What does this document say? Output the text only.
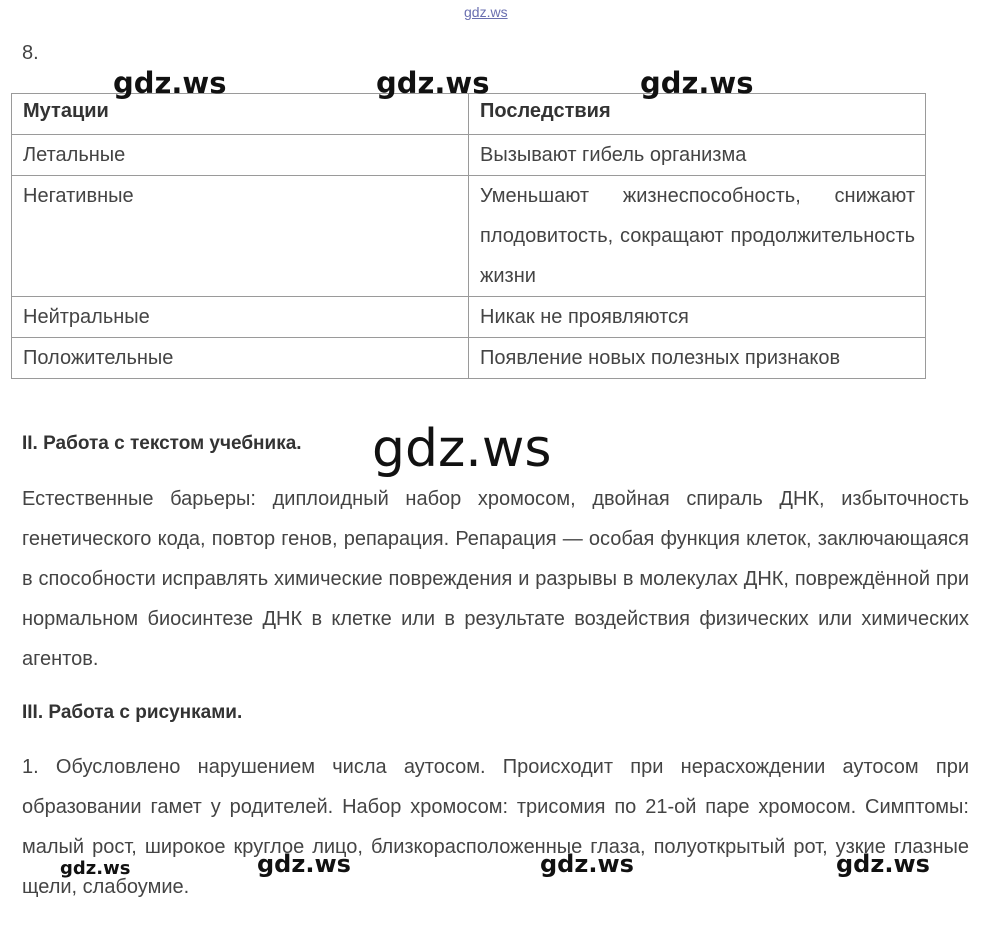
gdz.ws
8.
Мутации	Последствия
Летальные	Вызывают гибель организма
Негативные	Уменьшают жизнеспособность, снижают плодовитость, сокращают продолжительность жизни
Нейтральные	Никак не проявляются
Положительные	Появление новых полезных признаков
gdz.ws	gdz.ws	gdz.ws
II. Работа с текстом учебника. gdz.ws
Естественные барьеры: диплоидный набор хромосом, двойная спираль ДНК, избыточность генетического кода, повтор генов, репарация. Репарация — особая функция клеток, заключающаяся в способности исправлять химические повреждения и разрывы в молекулах ДНК, повреждённой при нормальном биосинтезе ДНК в клетке или в результате воздействия физических или химических агентов.
III. Работа с рисунками.
1. Обусловлено нарушением числа аутосом. Происходит при нерасхождении аутосом при образовании гамет у родителей. Набор хромосом: трисомия по 21-ой паре хромосом. Симптомы: малый рост, широкое круглое лицо, близкорасположенные глаза, полуоткрытый рот, узкие глазные щели, слабоумие.
gdz.ws	gdz.ws	gdz.ws	gdz.ws
